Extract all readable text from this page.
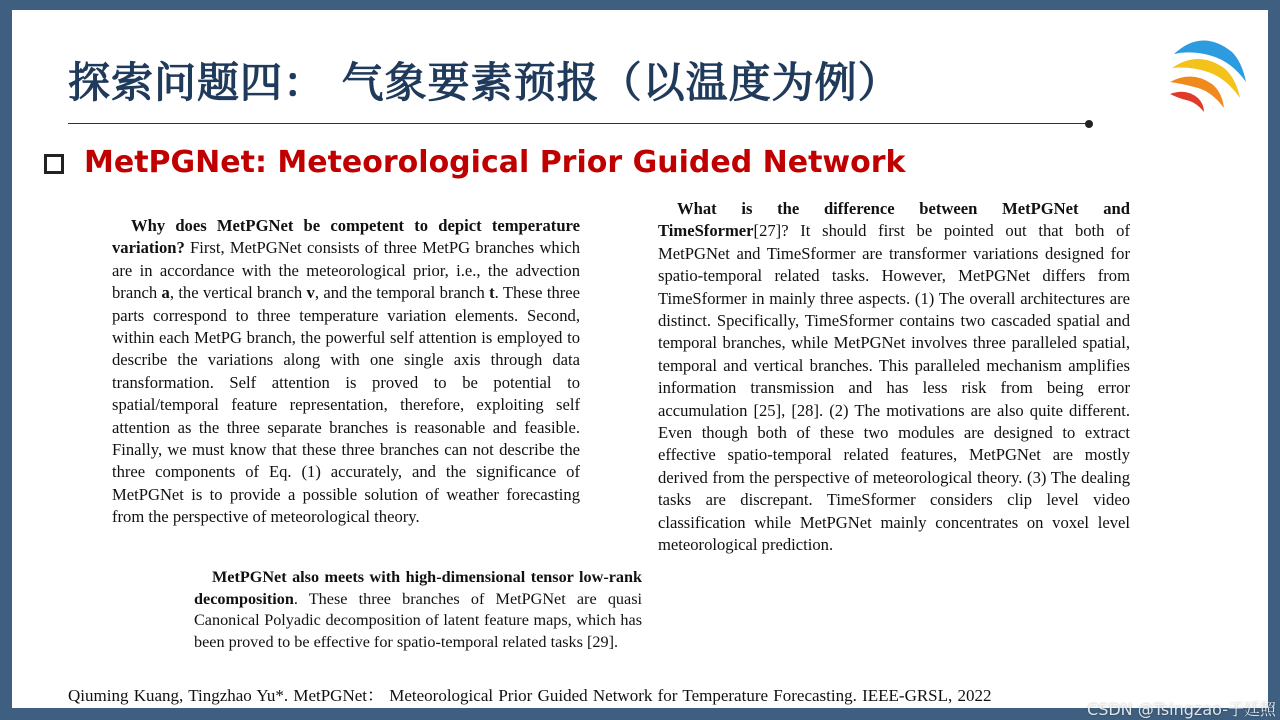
探索问题四： 气象要素预报（以温度为例）
MetPGNet: Meteorological Prior Guided Network
Why does MetPGNet be competent to depict temperature variation? First, MetPGNet consists of three MetPG branches which are in accordance with the meteorological prior, i.e., the advection branch a, the vertical branch v, and the temporal branch t. These three parts correspond to three temperature variation elements. Second, within each MetPG branch, the powerful self attention is employed to describe the variations along with one single axis through data transformation. Self attention is proved to be potential to spatial/temporal feature representation, therefore, exploiting self attention as the three separate branches is reasonable and feasible. Finally, we must know that these three branches can not describe the three components of Eq. (1) accurately, and the significance of MetPGNet is to provide a possible solution of weather forecasting from the perspective of meteorological theory.
MetPGNet also meets with high-dimensional tensor low-rank decomposition. These three branches of MetPGNet are quasi Canonical Polyadic decomposition of latent feature maps, which has been proved to be effective for spatio-temporal related tasks [29].
What is the difference between MetPGNet and TimeSformer[27]? It should first be pointed out that both of MetPGNet and TimeSformer are transformer variations designed for spatio-temporal related tasks. However, MetPGNet differs from TimeSformer in mainly three aspects. (1) The overall architectures are distinct. Specifically, TimeSformer contains two cascaded spatial and temporal branches, while MetPGNet involves three paralleled spatial, temporal and vertical branches. This paralleled mechanism amplifies information transmission and has less risk from being error accumulation [25], [28]. (2) The motivations are also quite different. Even though both of these two modules are designed to extract effective spatio-temporal related features, MetPGNet are mostly derived from the perspective of meteorological theory. (3) The dealing tasks are discrepant. TimeSformer considers clip level video classification while MetPGNet mainly concentrates on voxel level meteorological prediction.
Qiuming Kuang, Tingzhao Yu*. MetPGNet： Meteorological Prior Guided Network for Temperature Forecasting. IEEE-GRSL, 2022
CSDN @Tsingzao-于廷照
